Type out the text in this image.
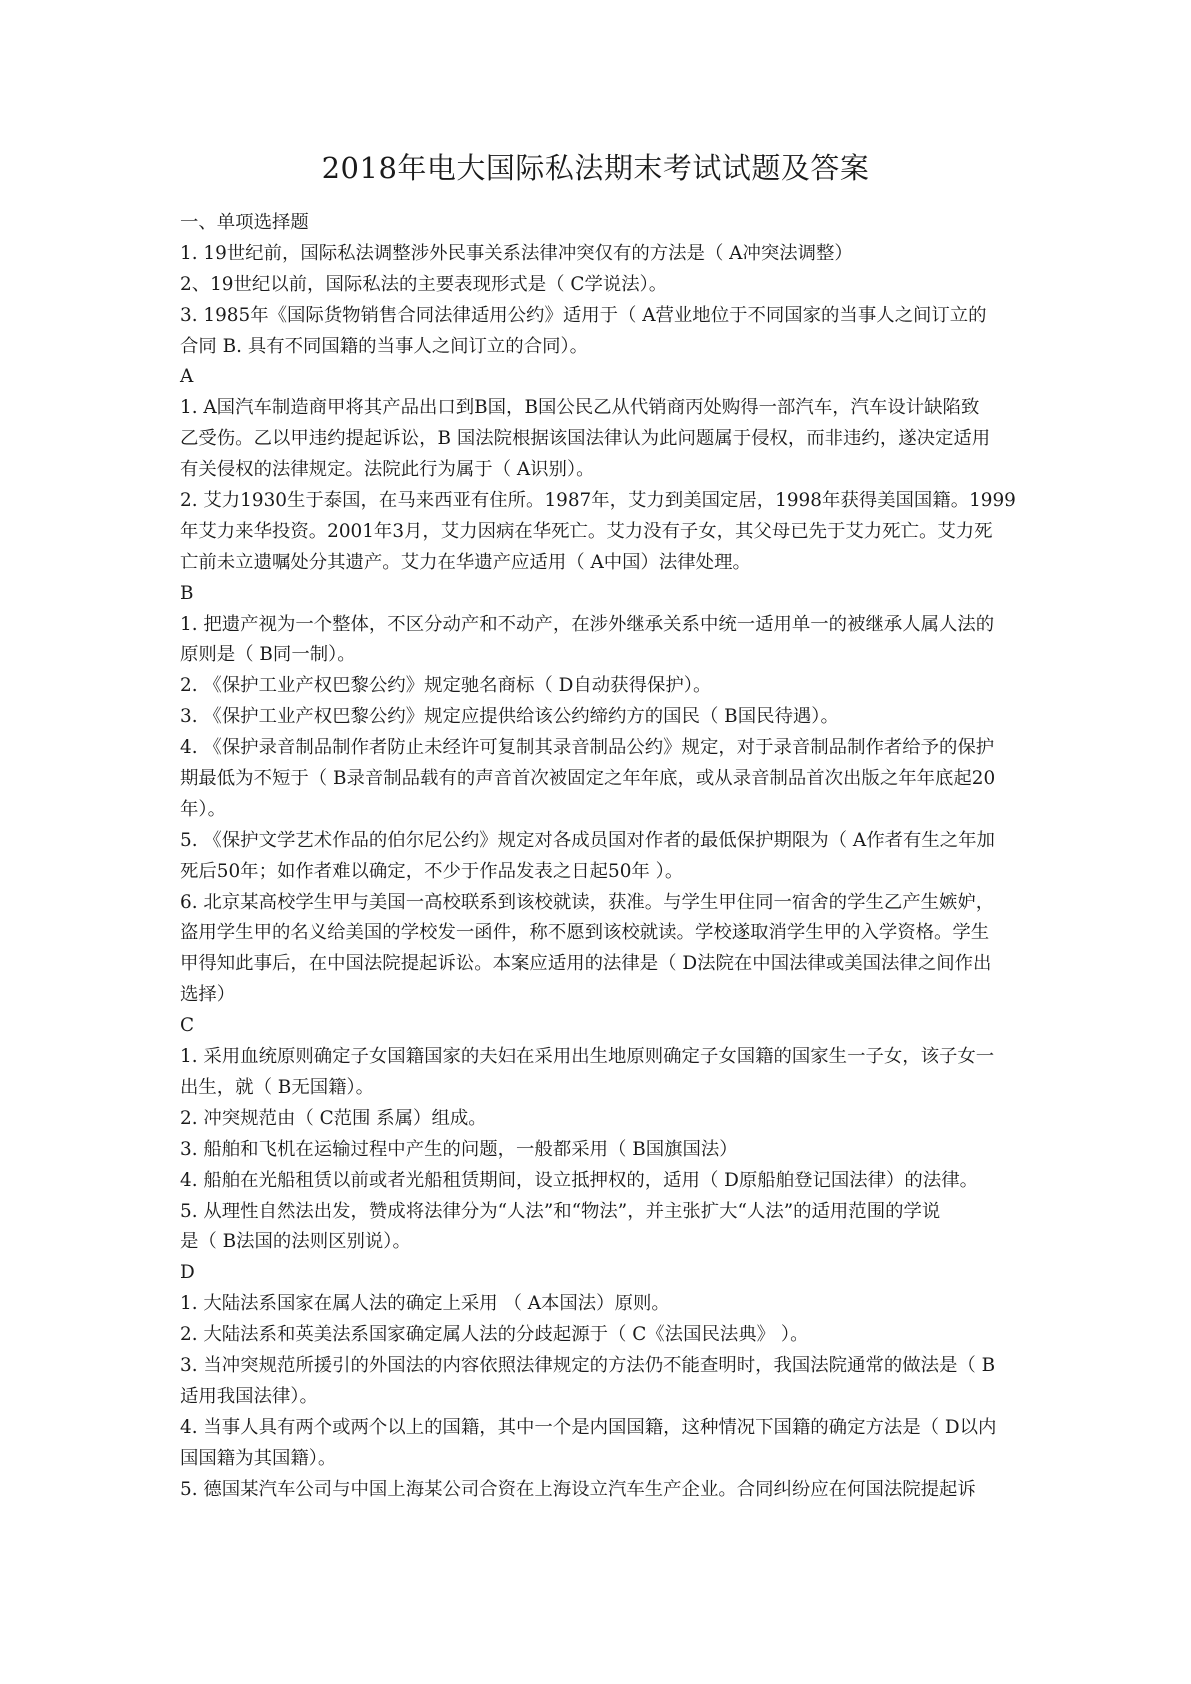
2018年电大国际私法期末考试试题及答案
一、单项选择题
1. 19世纪前，国际私法调整涉外民事关系法律冲突仅有的方法是（ A冲突法调整）
2、19世纪以前，国际私法的主要表现形式是（ C学说法）。
3. 1985年《国际货物销售合同法律适用公约》适用于（ A营业地位于不同国家的当事人之间订立的
合同 B. 具有不同国籍的当事人之间订立的合同）。
A
1. A国汽车制造商甲将其产品出口到B国，B国公民乙从代销商丙处购得一部汽车，汽车设计缺陷致
乙受伤。乙以甲违约提起诉讼，B 国法院根据该国法律认为此问题属于侵权，而非违约，遂决定适用
有关侵权的法律规定。法院此行为属于（ A识别）。
2. 艾力1930生于泰国，在马来西亚有住所。1987年，艾力到美国定居，1998年获得美国国籍。1999
年艾力来华投资。2001年3月，艾力因病在华死亡。艾力没有子女，其父母已先于艾力死亡。艾力死
亡前未立遗嘱处分其遗产。艾力在华遗产应适用（ A中国）法律处理。
B
1. 把遗产视为一个整体，不区分动产和不动产，在涉外继承关系中统一适用单一的被继承人属人法的
原则是（ B同一制）。
2. 《保护工业产权巴黎公约》规定驰名商标（ D自动获得保护）。
3. 《保护工业产权巴黎公约》规定应提供给该公约缔约方的国民（ B国民待遇）。
4. 《保护录音制品制作者防止未经许可复制其录音制品公约》规定，对于录音制品制作者给予的保护
期最低为不短于（ B录音制品载有的声音首次被固定之年年底，或从录音制品首次出版之年年底起20
年）。
5. 《保护文学艺术作品的伯尔尼公约》规定对各成员国对作者的最低保护期限为（ A作者有生之年加
死后50年；如作者难以确定，不少于作品发表之日起50年 ）。
6. 北京某高校学生甲与美国一高校联系到该校就读，获准。与学生甲住同一宿舍的学生乙产生嫉妒，
盗用学生甲的名义给美国的学校发一函件，称不愿到该校就读。学校遂取消学生甲的入学资格。学生
甲得知此事后，在中国法院提起诉讼。本案应适用的法律是（ D法院在中国法律或美国法律之间作出
选择）
C
1. 采用血统原则确定子女国籍国家的夫妇在采用出生地原则确定子女国籍的国家生一子女，该子女一
出生，就（ B无国籍）。
2. 冲突规范由（ C范围 系属）组成。
3. 船舶和飞机在运输过程中产生的问题，一般都采用（ B国旗国法）
4. 船舶在光船租赁以前或者光船租赁期间，设立抵押权的，适用（ D原船舶登记国法律）的法律。
5. 从理性自然法出发，赞成将法律分为“人法”和“物法”，并主张扩大“人法”的适用范围的学说
是（ B法国的法则区别说）。
D
1. 大陆法系国家在属人法的确定上采用 （ A本国法）原则。
2. 大陆法系和英美法系国家确定属人法的分歧起源于（ C《法国民法典》 ）。
3. 当冲突规范所援引的外国法的内容依照法律规定的方法仍不能查明时，我国法院通常的做法是（ B
适用我国法律）。
4. 当事人具有两个或两个以上的国籍，其中一个是内国国籍，这种情况下国籍的确定方法是（ D以内
国国籍为其国籍）。
5. 德国某汽车公司与中国上海某公司合资在上海设立汽车生产企业。合同纠纷应在何国法院提起诉
